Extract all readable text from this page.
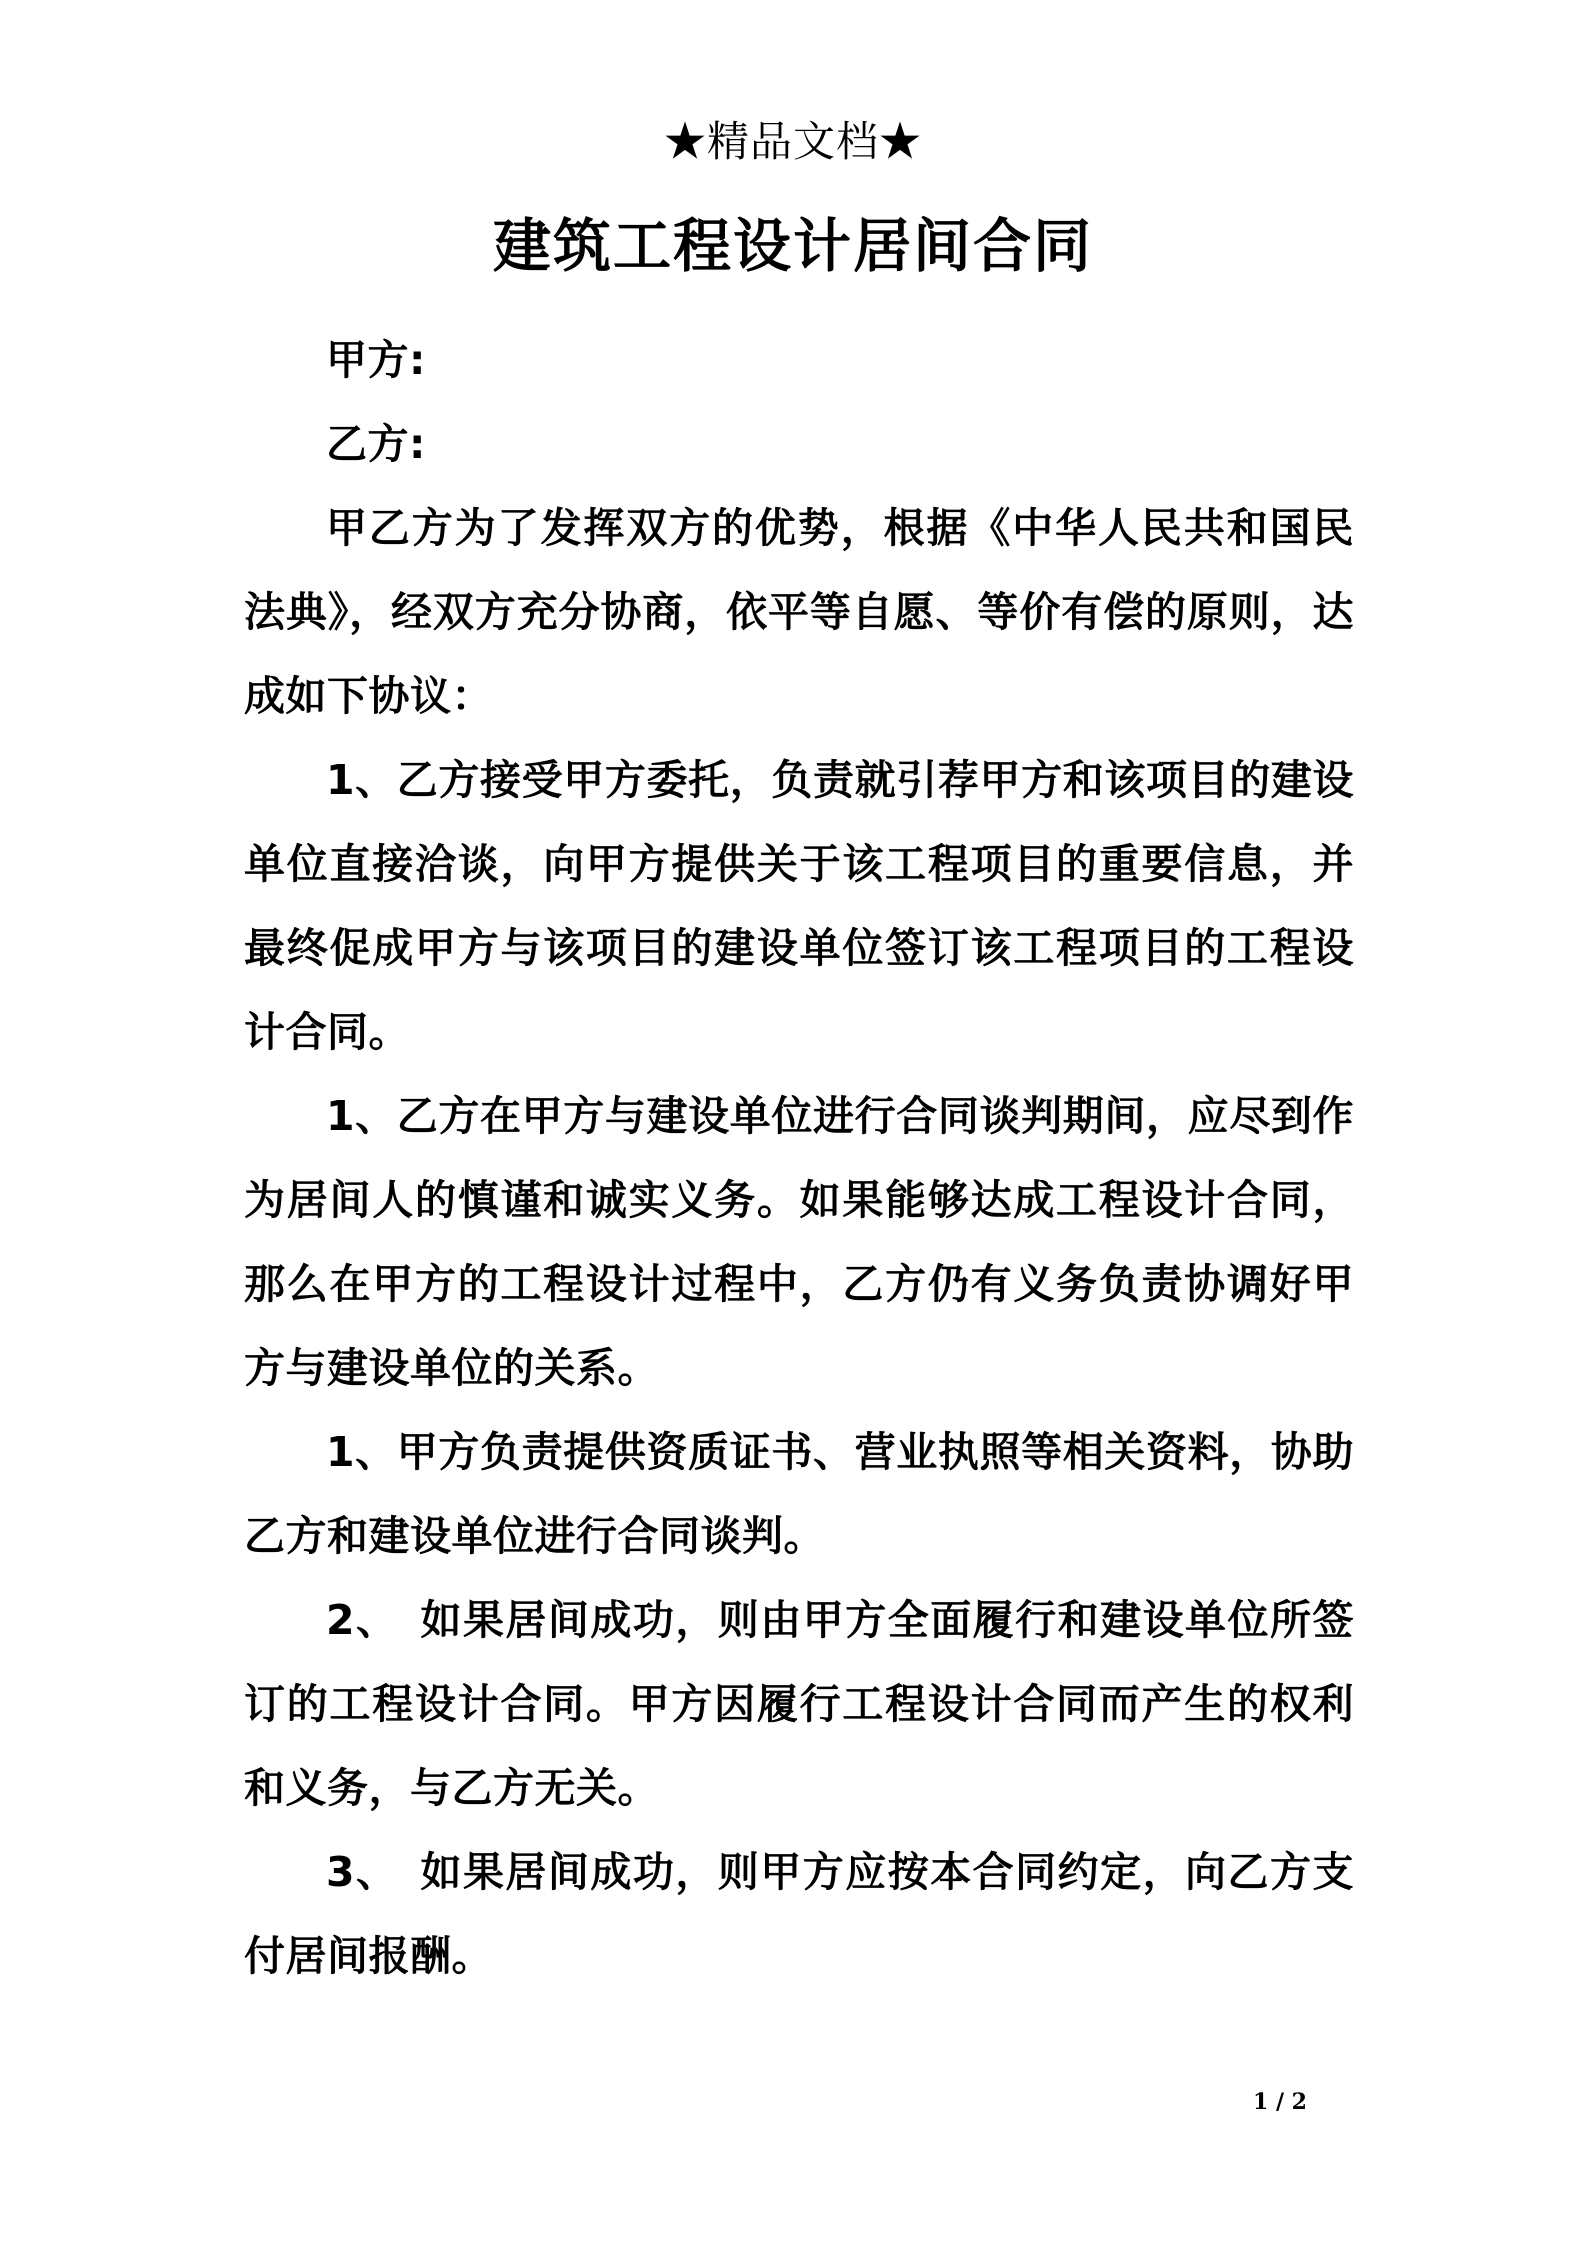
★精品文档★
建筑工程设计居间合同

甲方:

乙方:

甲乙方为了发挥双方的优势，根据《中华人民共和国民法典》，经双方充分协商，依平等自愿、等价有偿的原则，达成如下协议：

1、乙方接受甲方委托，负责就引荐甲方和该项目的建设单位直接洽谈，向甲方提供关于该工程项目的重要信息，并最终促成甲方与该项目的建设单位签订该工程项目的工程设计合同。

1、乙方在甲方与建设单位进行合同谈判期间，应尽到作为居间人的慎谨和诚实义务。如果能够达成工程设计合同，那么在甲方的工程设计过程中，乙方仍有义务负责协调好甲方与建设单位的关系。

1、甲方负责提供资质证书、营业执照等相关资料，协助乙方和建设单位进行合同谈判。

2、　如果居间成功，则由甲方全面履行和建设单位所签订的工程设计合同。甲方因履行工程设计合同而产生的权利和义务，与乙方无关。

3、　如果居间成功，则甲方应按本合同约定，向乙方支付居间报酬。

1 / 2
